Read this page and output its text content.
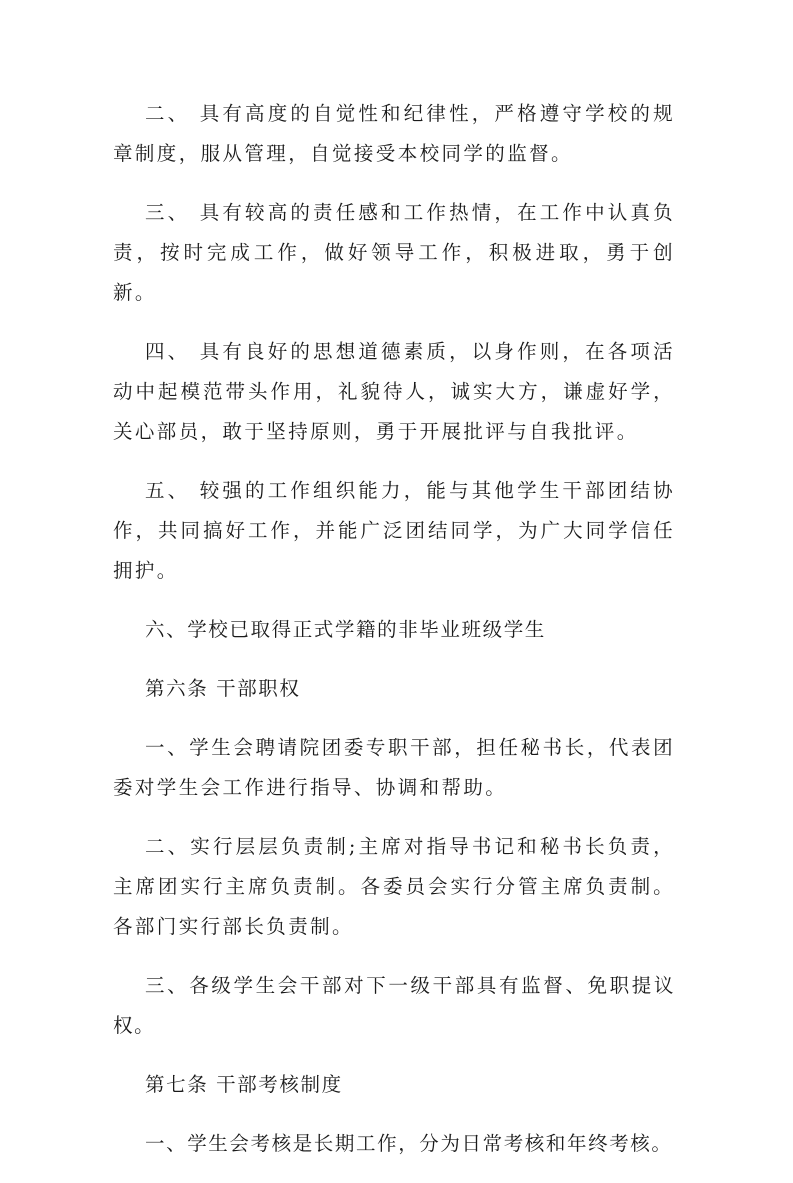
二、 具有高度的自觉性和纪律性，严格遵守学校的规章制度，服从管理，自觉接受本校同学的监督。

三、 具有较高的责任感和工作热情，在工作中认真负责，按时完成工作，做好领导工作，积极进取，勇于创新。

四、 具有良好的思想道德素质，以身作则，在各项活动中起模范带头作用，礼貌待人，诚实大方，谦虚好学，关心部员，敢于坚持原则，勇于开展批评与自我批评。

五、 较强的工作组织能力，能与其他学生干部团结协作，共同搞好工作，并能广泛团结同学，为广大同学信任拥护。

六、学校已取得正式学籍的非毕业班级学生

第六条 干部职权

一、学生会聘请院团委专职干部，担任秘书长，代表团委对学生会工作进行指导、协调和帮助。

二、实行层层负责制;主席对指导书记和秘书长负责，主席团实行主席负责制。各委员会实行分管主席负责制。各部门实行部长负责制。

三、各级学生会干部对下一级干部具有监督、免职提议权。

第七条 干部考核制度

一、学生会考核是长期工作，分为日常考核和年终考核。
